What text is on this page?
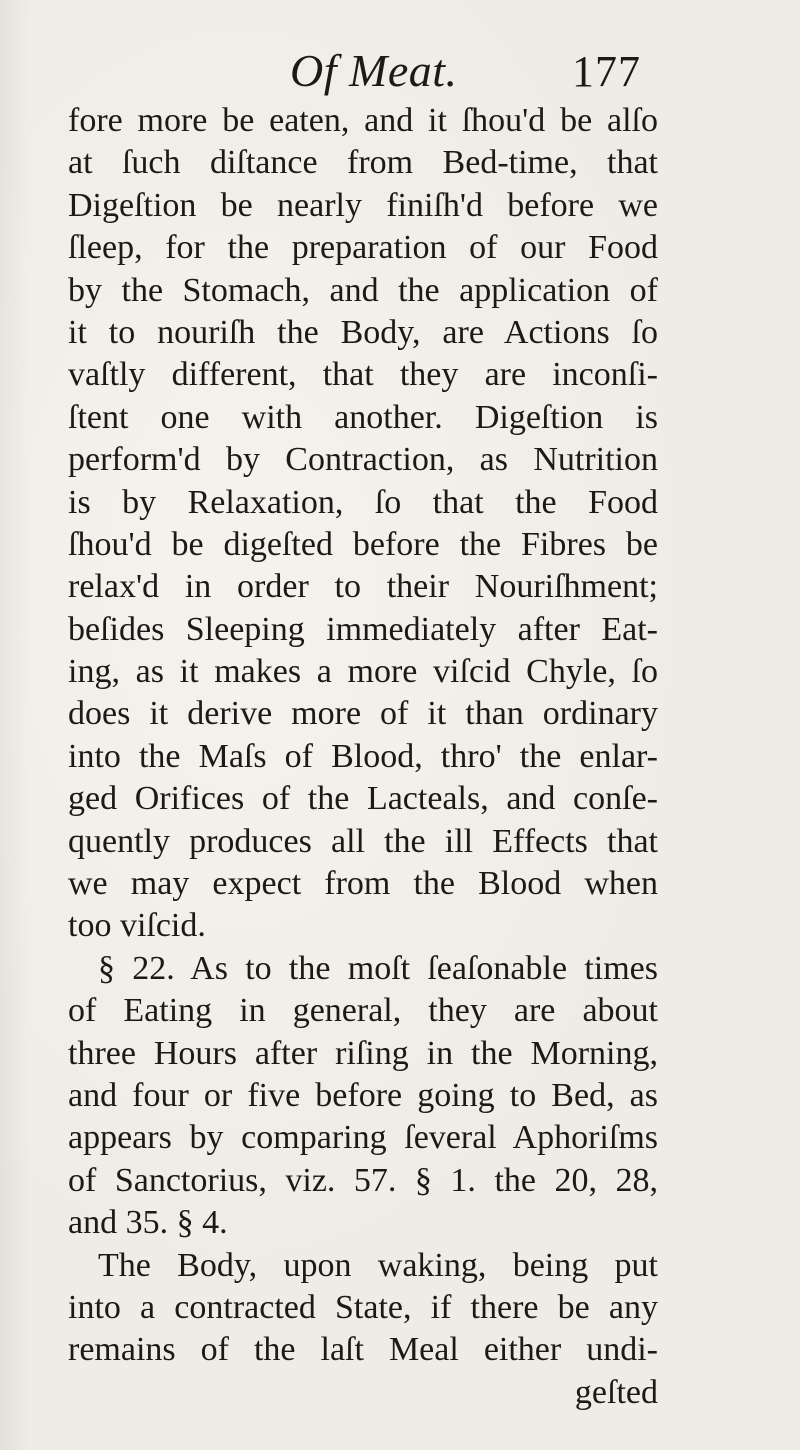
Of Meat.	177
fore more be eaten, and it ſhou'd be alſo
at ſuch diſtance from Bed-time, that
Digeſtion be nearly finiſh'd before we
ſleep, for the preparation of our Food
by the Stomach, and the application of
it to nouriſh the Body, are Actions ſo
vaſtly different, that they are inconſi-
ſtent one with another. Digeſtion is
perform'd by Contraction, as Nutrition
is by Relaxation, ſo that the Food
ſhou'd be digeſted before the Fibres be
relax'd in order to their Nouriſhment;
beſides Sleeping immediately after Eat-
ing, as it makes a more viſcid Chyle, ſo
does it derive more of it than ordinary
into the Maſs of Blood, thro' the enlar-
ged Orifices of the Lacteals, and conſe-
quently produces all the ill Effects that
we may expect from the Blood when
too viſcid.
§ 22. As to the moſt ſeaſonable times
of Eating in general, they are about
three Hours after riſing in the Morning,
and four or five before going to Bed, as
appears by comparing ſeveral Aphoriſms
of Sanctorius, viz. 57. § 1. the 20, 28,
and 35. § 4.
The Body, upon waking, being put
into a contracted State, if there be any
remains of the laſt Meal either undi-
geſted
